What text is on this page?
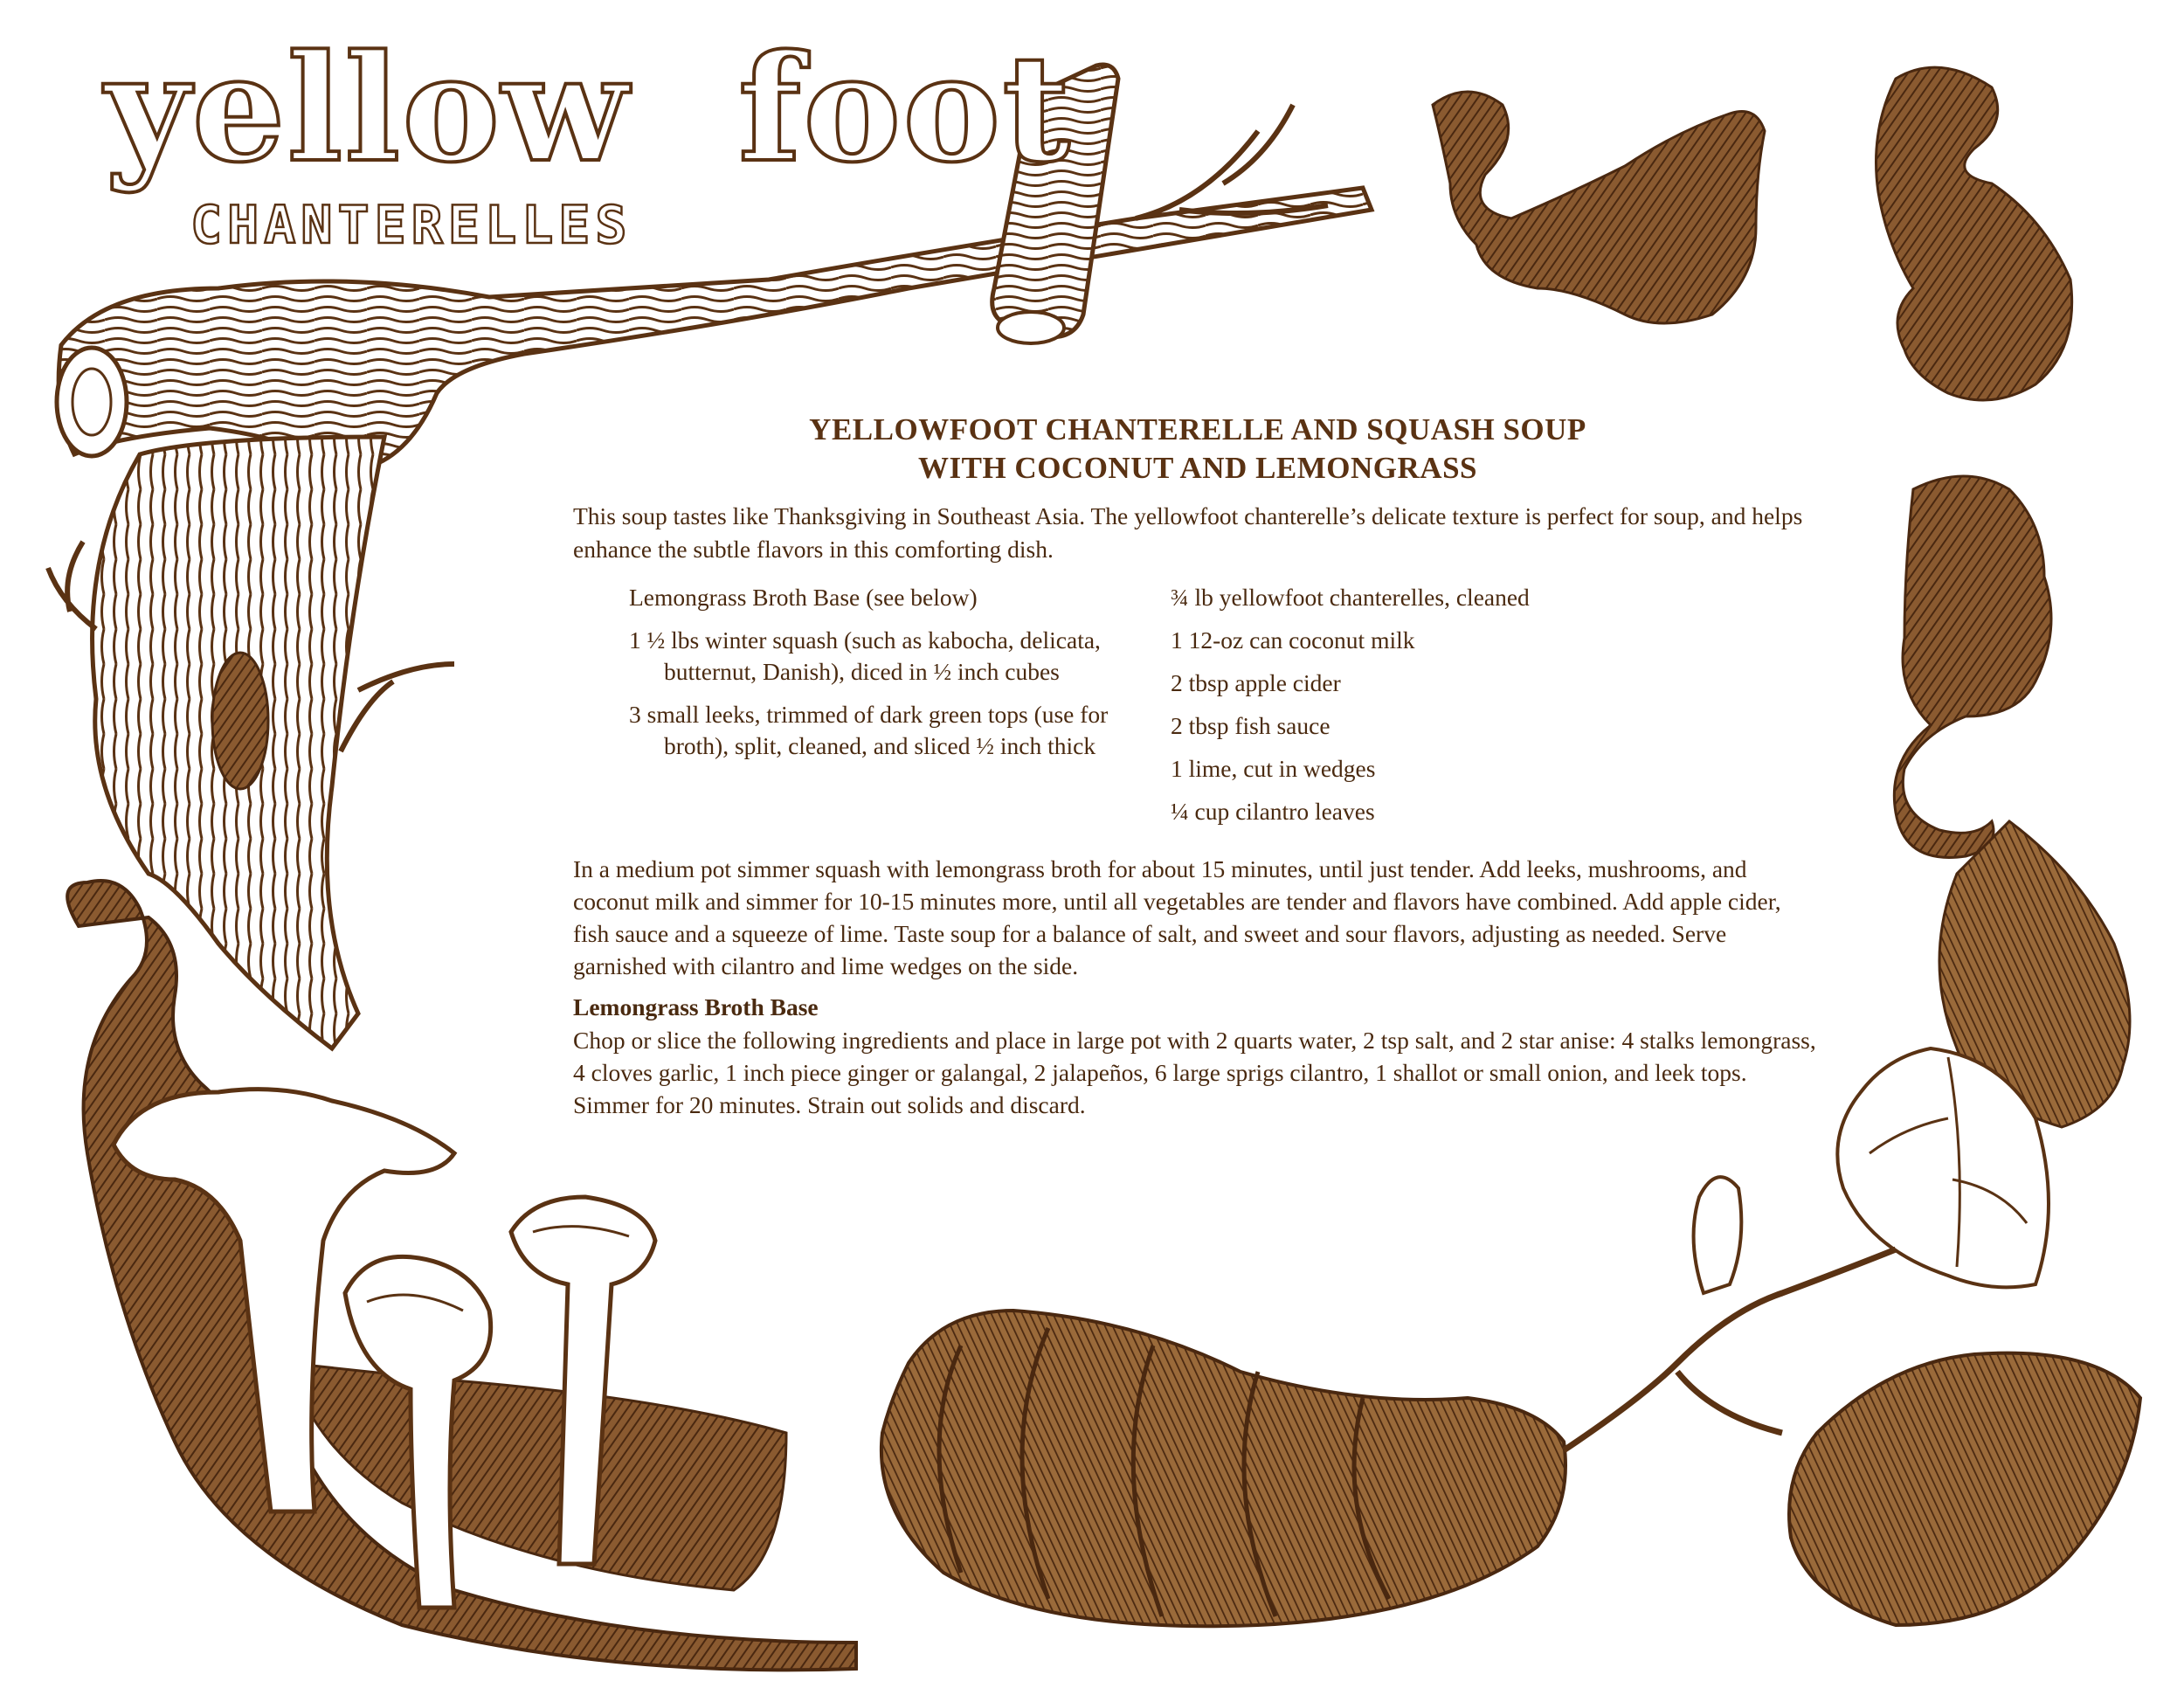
yellow foot
CHANTERELLES
YELLOWFOOT CHANTERELLE AND SQUASH SOUP
WITH COCONUT AND LEMONGRASS

This soup tastes like Thanksgiving in Southeast Asia. The yellowfoot chanterelle’s delicate texture is perfect for soup, and helps enhance the subtle flavors in this comforting dish.

Lemongrass Broth Base (see below)
1 ½ lbs winter squash (such as kabocha, delicata, butternut, Danish), diced in ½ inch cubes
3 small leeks, trimmed of dark green tops (use for broth), split, cleaned, and sliced ½ inch thick
¾ lb yellowfoot chanterelles, cleaned
1 12-oz can coconut milk
2 tbsp apple cider
2 tbsp fish sauce
1 lime, cut in wedges
¼ cup cilantro leaves

In a medium pot simmer squash with lemongrass broth for about 15 minutes, until just tender. Add leeks, mushrooms, and coconut milk and simmer for 10-15 minutes more, until all vegetables are tender and flavors have combined. Add apple cider, fish sauce and a squeeze of lime. Taste soup for a balance of salt, and sweet and sour flavors, adjusting as needed. Serve garnished with cilantro and lime wedges on the side.

Lemongrass Broth Base

Chop or slice the following ingredients and place in large pot with 2 quarts water, 2 tsp salt, and 2 star anise: 4 stalks lemongrass, 4 cloves garlic, 1 inch piece ginger or galangal, 2 jalapeños, 6 large sprigs cilantro, 1 shallot or small onion, and leek tops. Simmer for 20 minutes. Strain out solids and discard.
